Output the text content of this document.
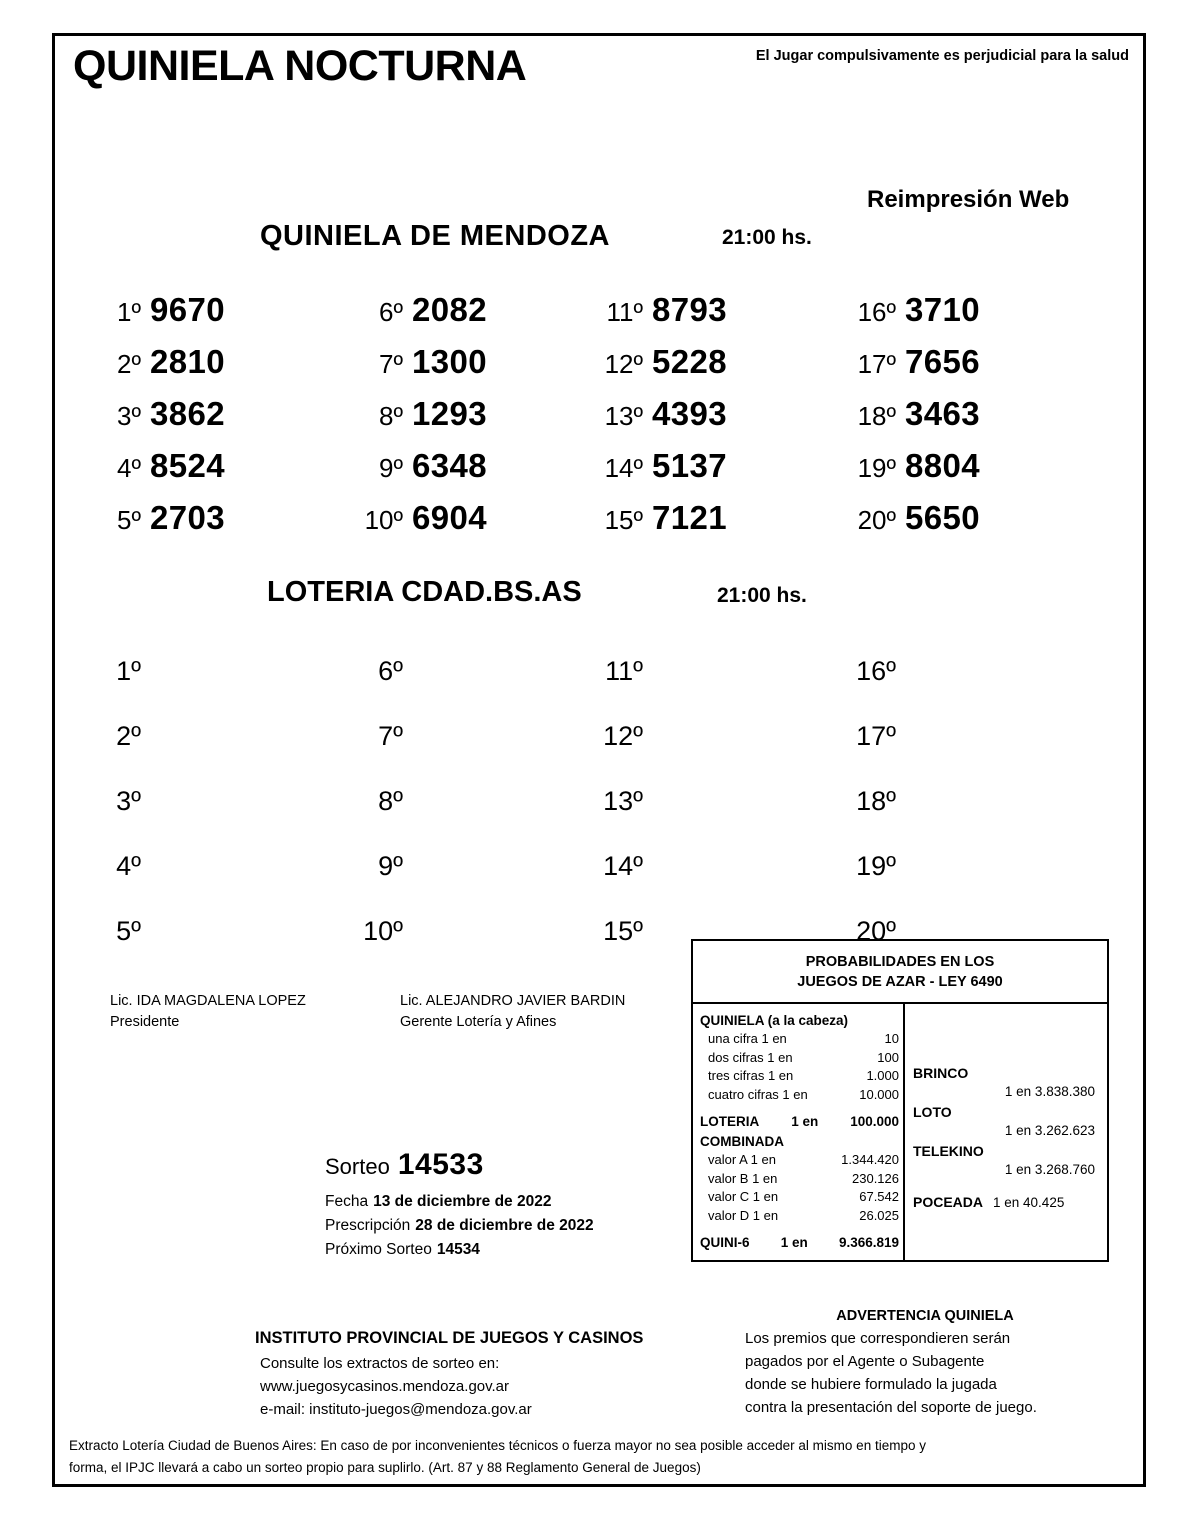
QUINIELA NOCTURNA	El Jugar compulsivamente es perjudicial para la salud
Reimpresión Web
QUINIELA DE MENDOZA	21:00 hs.
1º 9670
2º 2810
3º 3862
4º 8524
5º 2703
6º 2082
7º 1300
8º 1293
9º 6348
10º 6904
11º 8793
12º 5228
13º 4393
14º 5137
15º 7121
16º 3710
17º 7656
18º 3463
19º 8804
20º 5650
LOTERIA CDAD.BS.AS	21:00 hs.
1º
2º
3º
4º
5º
6º
7º
8º
9º
10º
11º
12º
13º
14º
15º
16º
17º
18º
19º
20º
Lic. IDA MAGDALENA LOPEZ
Presidente
Lic. ALEJANDRO JAVIER BARDIN
Gerente Lotería y Afines
Sorteo 14533
Fecha 13 de diciembre de 2022
Prescripción 28 de diciembre de 2022
Próximo Sorteo 14534
PROBABILIDADES EN LOS
JUEGOS DE AZAR - LEY 6490
QUINIELA (a la cabeza)
una cifra 1 en	10
dos cifras 1 en	100
tres cifras 1 en	1.000
cuatro cifras 1 en	10.000
LOTERIA	1 en	100.000
COMBINADA
valor A 1 en	1.344.420
valor B 1 en	230.126
valor C 1 en	67.542
valor D 1 en	26.025
QUINI-6	1 en	9.366.819
BRINCO
1 en 3.838.380
LOTO
1 en 3.262.623
TELEKINO
1 en 3.268.760
POCEADA 1 en 40.425
ADVERTENCIA QUINIELA
Los premios que correspondieren serán
pagados por el Agente o Subagente
donde se hubiere formulado la jugada
contra la presentación del soporte de juego.
INSTITUTO PROVINCIAL DE JUEGOS Y CASINOS
Consulte los extractos de sorteo en:
www.juegosycasinos.mendoza.gov.ar
e-mail: instituto-juegos@mendoza.gov.ar
Extracto Lotería Ciudad de Buenos Aires: En caso de por inconvenientes técnicos o fuerza mayor no sea posible acceder al mismo en tiempo y
forma, el IPJC llevará a cabo un sorteo propio para suplirlo. (Art. 87 y 88 Reglamento General de Juegos)
